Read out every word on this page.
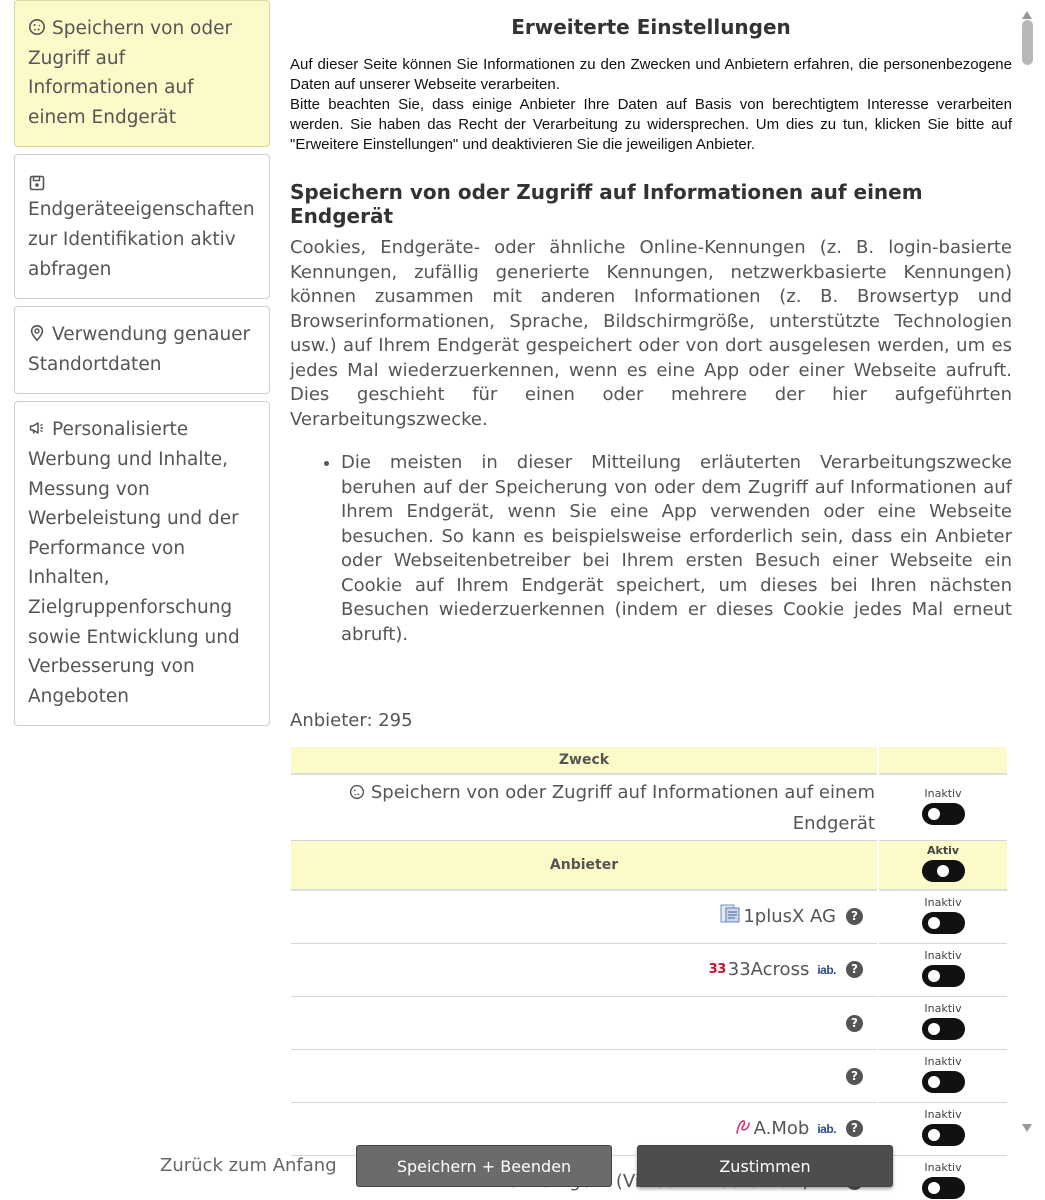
Speichern von oder Zugriff auf Informationen auf einem Endgerät
Endgeräteeigenschaften zur Identifikation aktiv abfragen
Verwendung genauer Standortdaten
Personalisierte Werbung und Inhalte, Messung von Werbeleistung und der Performance von Inhalten, Zielgruppenforschung sowie Entwicklung und Verbesserung von Angeboten
Erweiterte Einstellungen

Auf dieser Seite können Sie Informationen zu den Zwecken und Anbietern erfahren, die personenbezogene Daten auf unserer Webseite verarbeiten.

Bitte beachten Sie, dass einige Anbieter Ihre Daten auf Basis von berechtigtem Interesse verarbeiten werden. Sie haben das Recht der Verarbeitung zu widersprechen. Um dies zu tun, klicken Sie bitte auf "Erweitere Einstellungen" und deaktivieren Sie die jeweiligen Anbieter.

Speichern von oder Zugriff auf Informationen auf einem Endgerät

Cookies, Endgeräte- oder ähnliche Online-Kennungen (z. B. login-basierte Kennungen, zufällig generierte Kennungen, netzwerkbasierte Kennungen) können zusammen mit anderen Informationen (z. B. Browsertyp und Browserinformationen, Sprache, Bildschirmgröße, unterstützte Technologien usw.) auf Ihrem Endgerät gespeichert oder von dort ausgelesen werden, um es jedes Mal wiederzuerkennen, wenn es eine App oder einer Webseite aufruft. Dies geschieht für einen oder mehrere der hier aufgeführten Verarbeitungszwecke.

• Die meisten in dieser Mitteilung erläuterten Verarbeitungszwecke beruhen auf der Speicherung von oder dem Zugriff auf Informationen auf Ihrem Endgerät, wenn Sie eine App verwenden oder eine Webseite besuchen. So kann es beispielsweise erforderlich sein, dass ein Anbieter oder Webseitenbetreiber bei Ihrem ersten Besuch einer Webseite ein Cookie auf Ihrem Endgerät speichert, um dieses bei Ihren nächsten Besuchen wiederzuerkennen (indem er dieses Cookie jedes Mal erneut abruft).
Anbieter: 295
Zweck	
Speichern von oder Zugriff auf Informationen auf einem Endgerät	Inaktiv

Anbieter	Aktiv

1plusX AG ?	Inaktiv

33 33Across iab. ?	Inaktiv

?	Inaktiv

?	Inaktiv

A.Mob iab. ?	Inaktiv

Inaktiv
Zurück zum Anfang	Speichern + Beenden	Zustimmen
